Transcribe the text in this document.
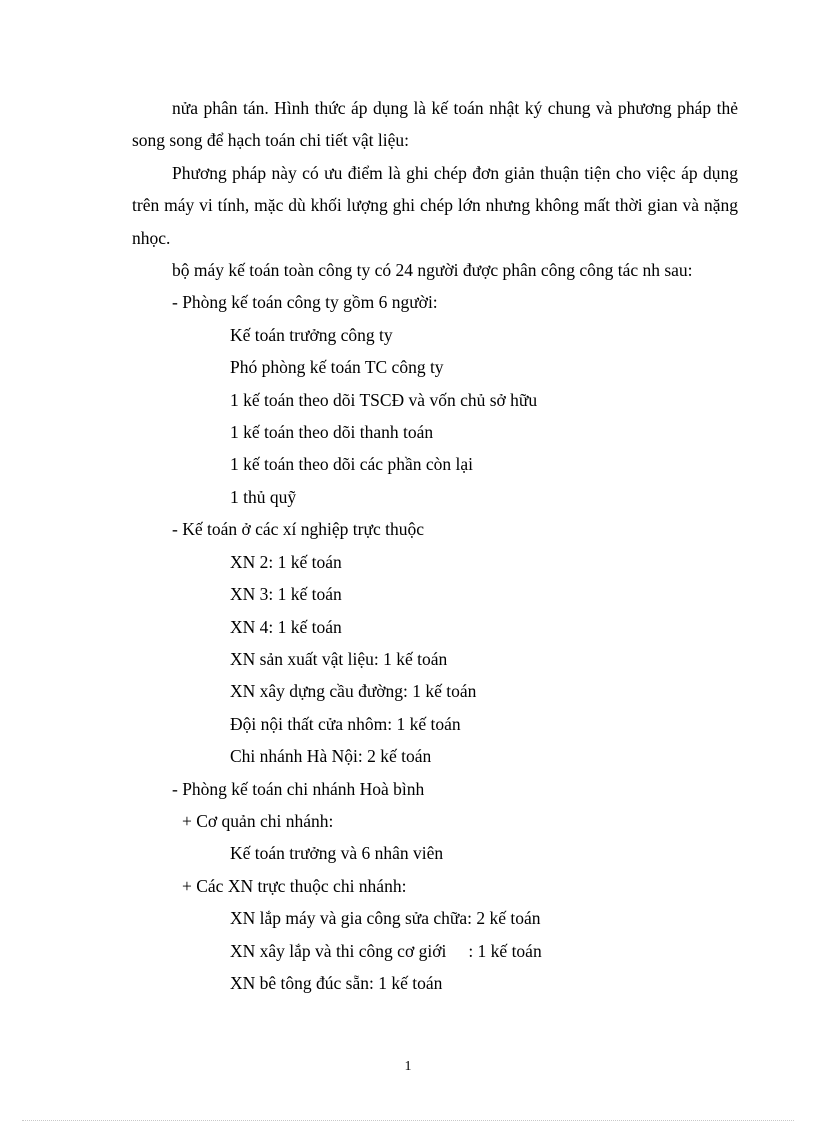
nửa phân tán. Hình thức áp dụng là kế toán nhật ký chung và phương pháp thẻ song song để hạch toán chi tiết vật liệu:

Phương pháp này có ưu điểm là ghi chép đơn giản thuận tiện cho việc áp dụng trên máy vi tính, mặc dù khối lượng ghi chép lớn nhưng không mất thời gian và nặng nhọc.

bộ máy kế toán toàn công ty có 24 người được phân công công tác nh sau:

- Phòng kế toán công ty gồm 6 người:
Kế toán trưởng công ty
Phó phòng kế toán TC công ty
1 kế toán theo dõi TSCĐ và vốn chủ sở hữu
1 kế toán theo dõi thanh toán
1 kế toán theo dõi các phần còn lại
1 thủ quỹ
- Kế toán ở các xí nghiệp trực thuộc
XN 2: 1 kế toán
XN 3: 1 kế toán
XN 4: 1 kế toán
XN sản xuất vật liệu: 1 kế toán
XN xây dựng cầu đường: 1 kế toán
Đội nội thất cửa nhôm: 1 kế toán
Chi nhánh Hà Nội: 2 kế toán
- Phòng kế toán chi nhánh Hoà bình
+ Cơ quản chi nhánh:
Kế toán trưởng và 6 nhân viên
+ Các XN trực thuộc chi nhánh:
XN lắp máy và gia công sửa chữa: 2 kế toán
XN xây lắp và thi công cơ giới : 1 kế toán
XN bê tông đúc sẵn: 1 kế toán
1
